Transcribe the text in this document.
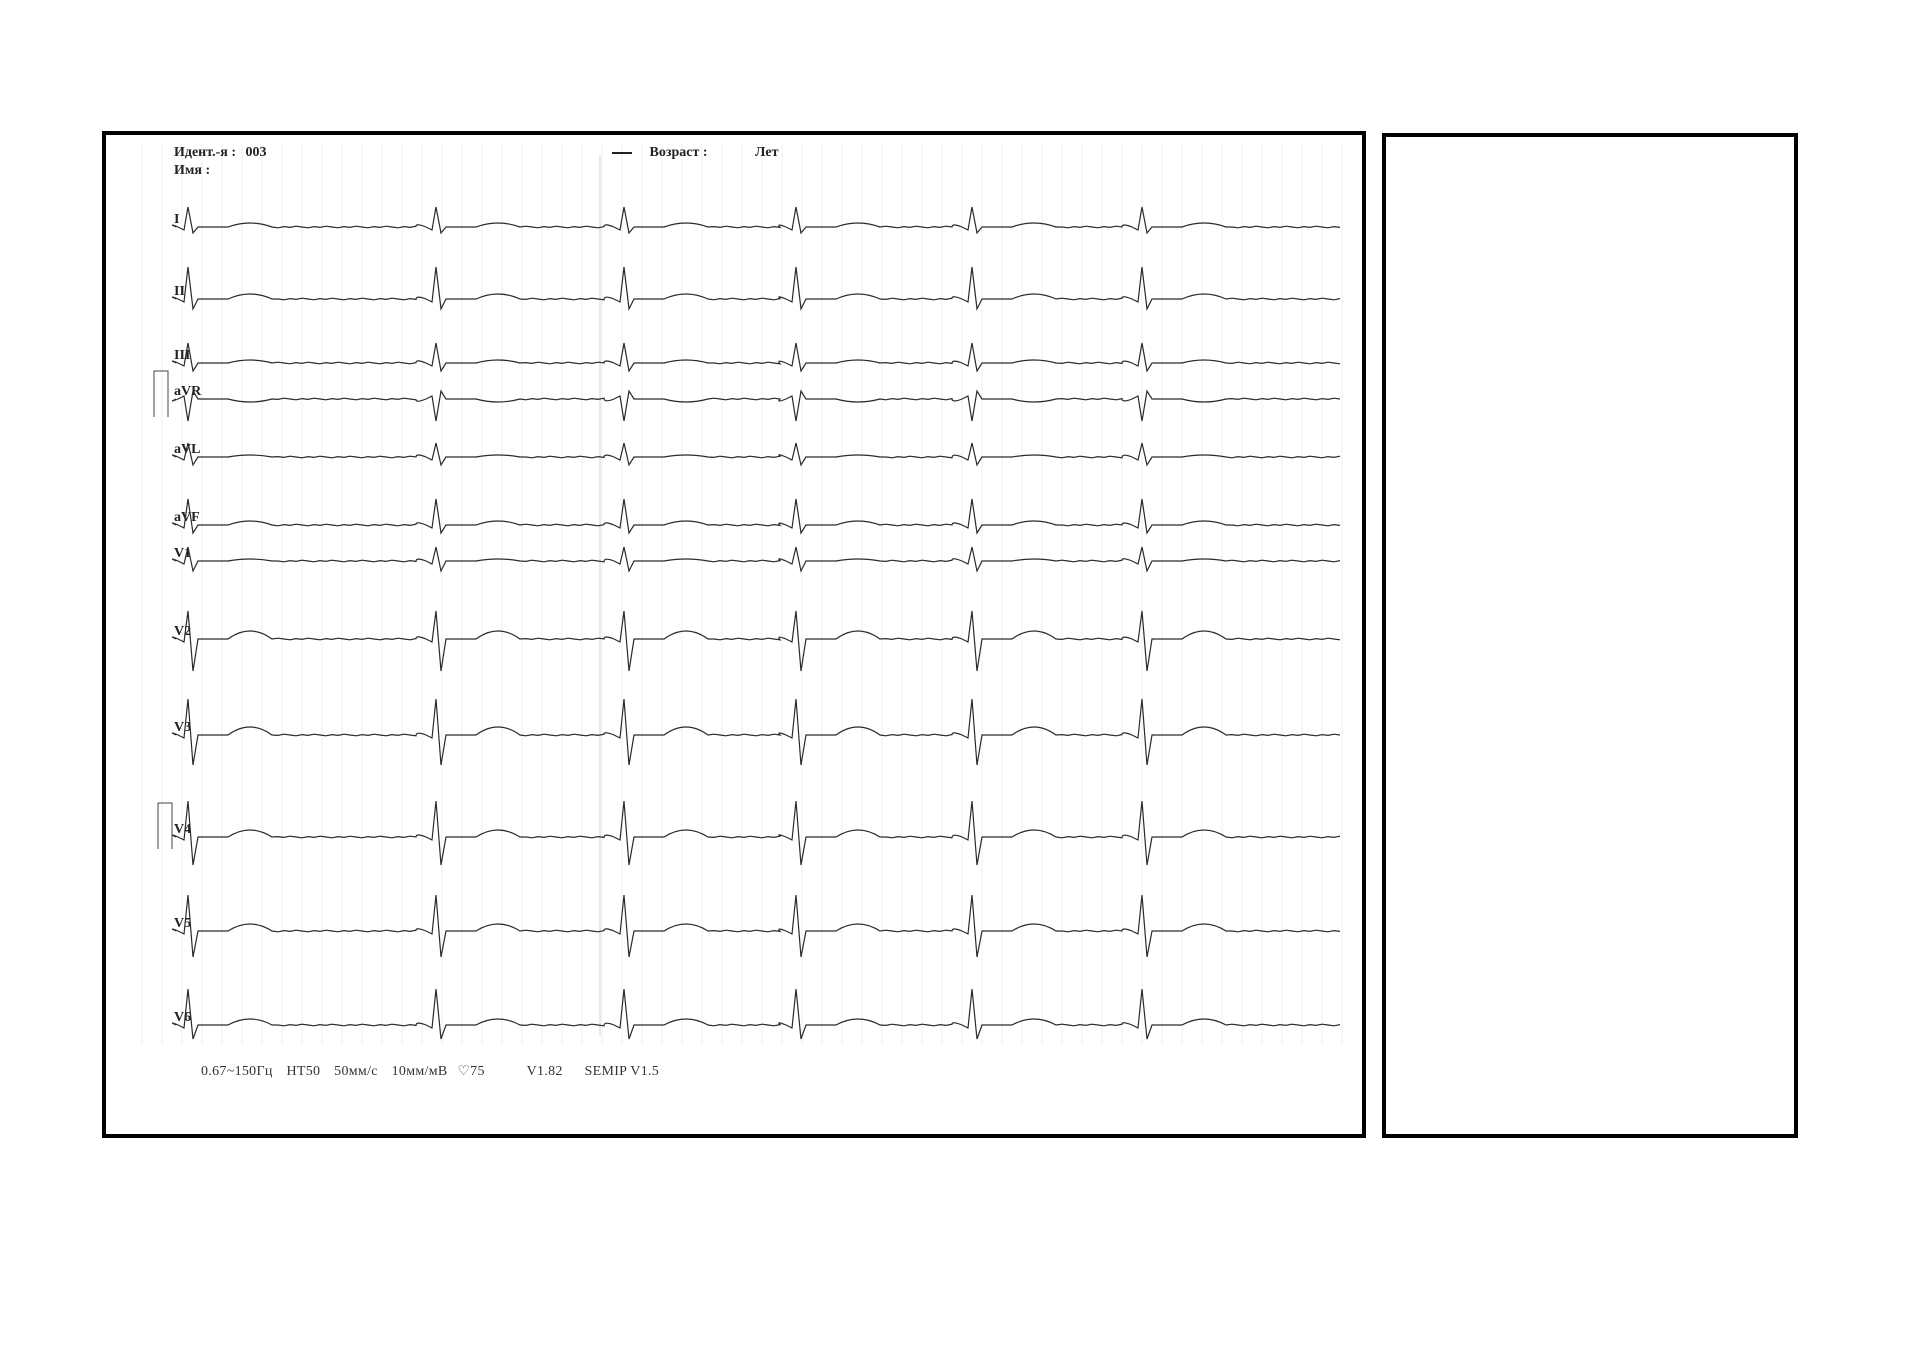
I
II
III
aVR
aVL
aVF
V1
V2
V3
V4
V5
V6
Идент.-я : 003
Имя :
Возраст :	Лет
0.67~150Гц HT50 50мм/с 10мм/мВ ♡75	V1.82 SEMIP V1.5
